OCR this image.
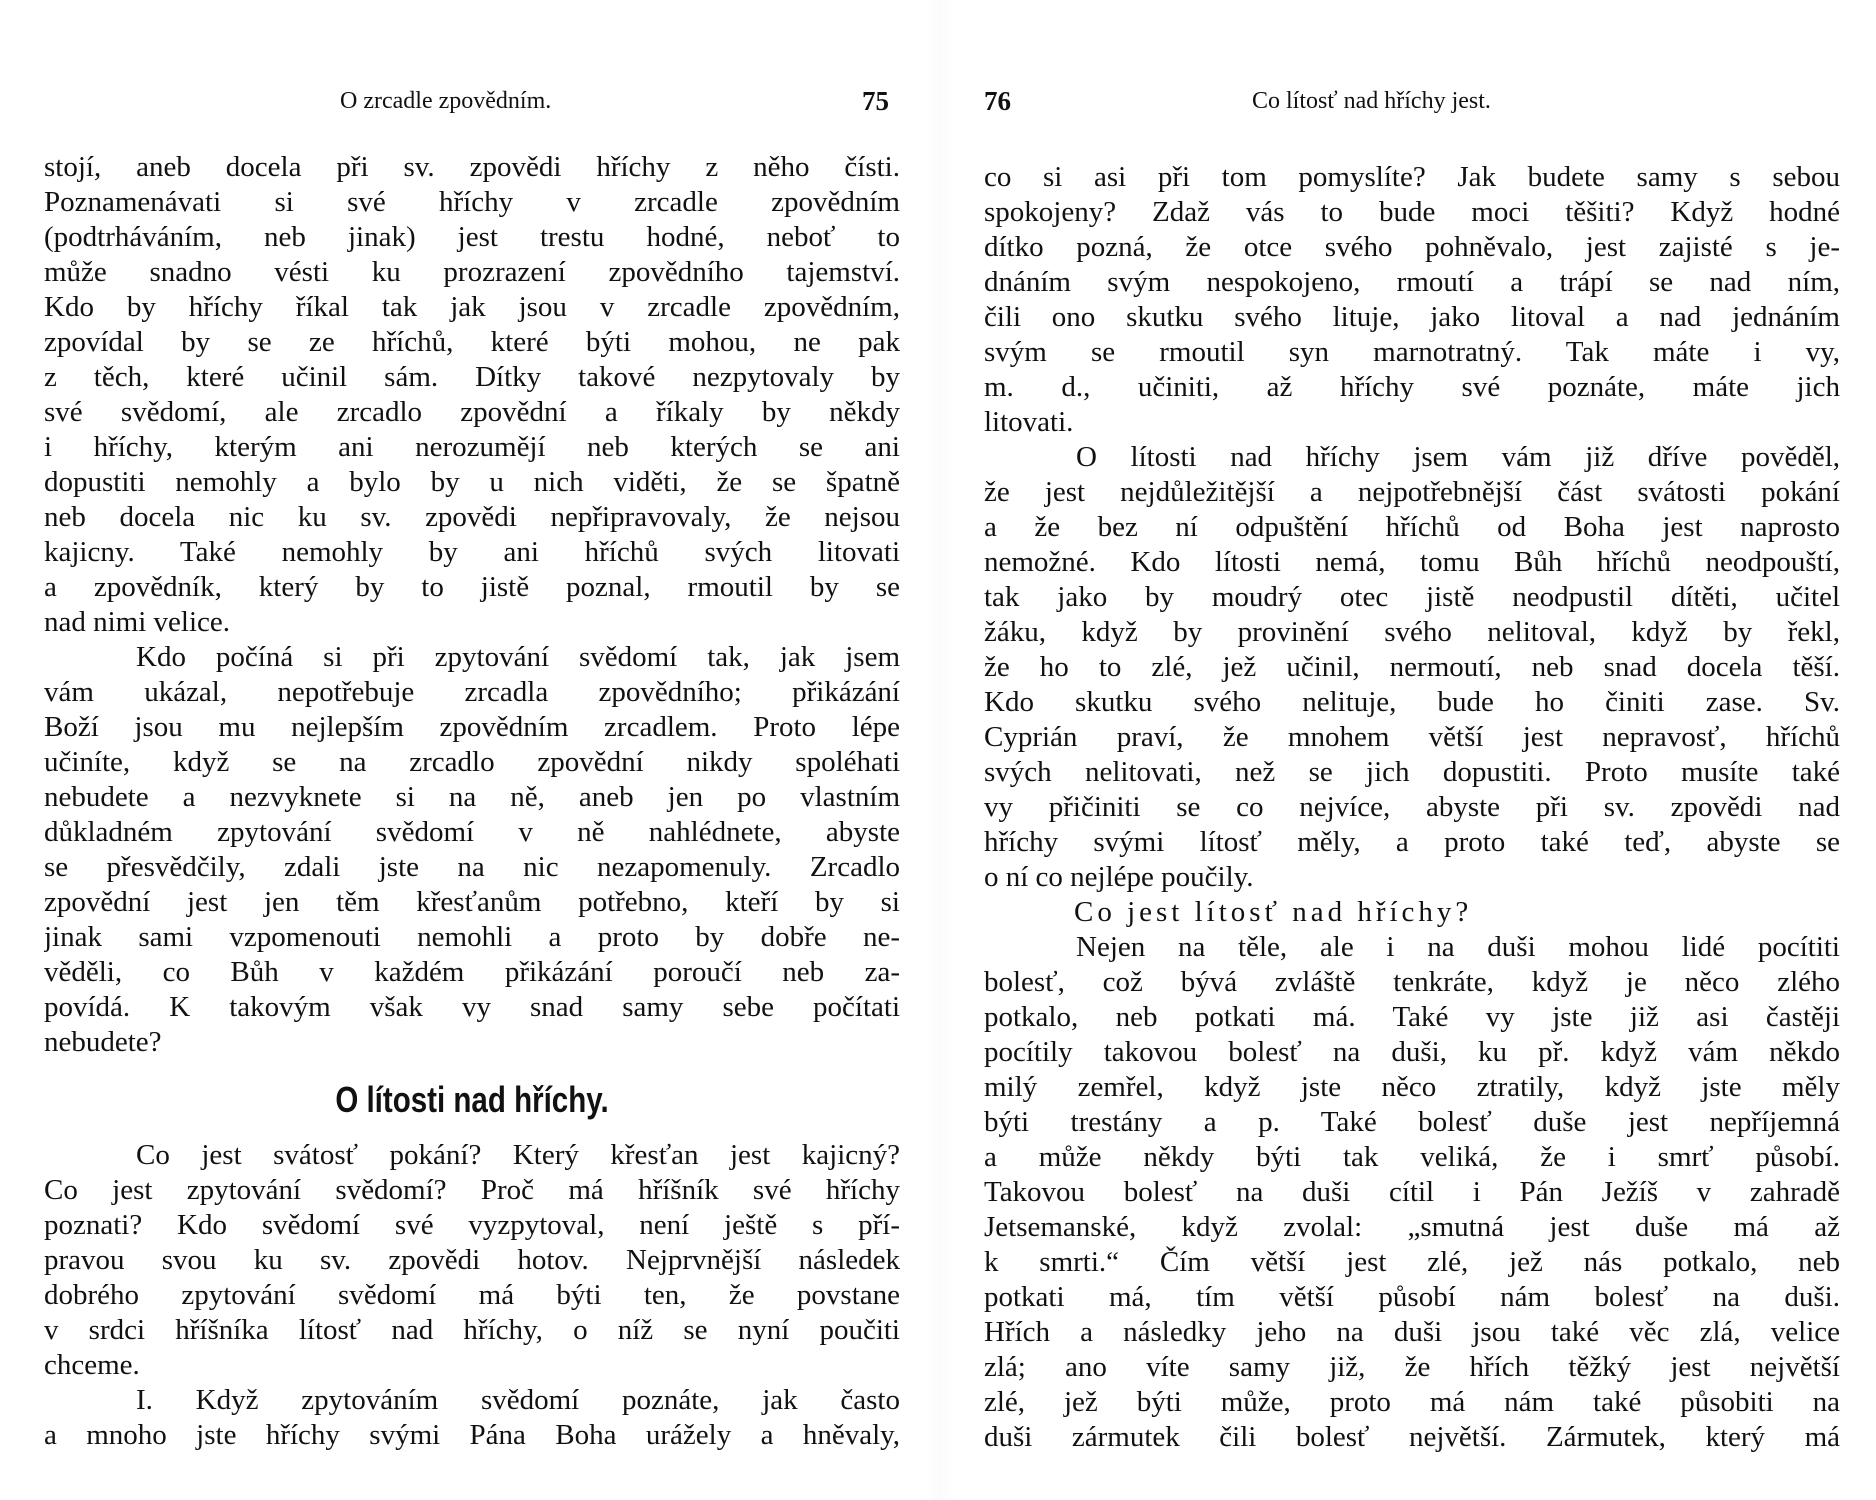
O zrcadle zpovědním.	75
stojí, aneb docela při sv. zpovědi hříchy z něho čísti.
Poznamenávati si své hříchy v zrcadle zpovědním
(podtrháváním, neb jinak) jest trestu hodné, neboť to
může snadno vésti ku prozrazení zpovědního tajemství.
Kdo by hříchy říkal tak jak jsou v zrcadle zpovědním,
zpovídal by se ze hříchů, které býti mohou, ne pak
z těch, které učinil sám. Dítky takové nezpytovaly by
své svědomí, ale zrcadlo zpovědní a říkaly by někdy
i hříchy, kterým ani nerozumějí neb kterých se ani
dopustiti nemohly a bylo by u nich viděti, že se špatně
neb docela nic ku sv. zpovědi nepřipravovaly, že nejsou
kajicny. Také nemohly by ani hříchů svých litovati
a zpovědník, který by to jistě poznal, rmoutil by se
nad nimi velice.
Kdo počíná si při zpytování svědomí tak, jak jsem
vám ukázal, nepotřebuje zrcadla zpovědního; přikázání
Boží jsou mu nejlepším zpovědním zrcadlem. Proto lépe
učiníte, když se na zrcadlo zpovědní nikdy spoléhati
nebudete a nezvyknete si na ně, aneb jen po vlastním
důkladném zpytování svědomí v ně nahlédnete, abyste
se přesvědčily, zdali jste na nic nezapomenuly. Zrcadlo
zpovědní jest jen těm křesťanům potřebno, kteří by si
jinak sami vzpomenouti nemohli a proto by dobře ne-
věděli, co Bůh v každém přikázání poroučí neb za-
povídá. K takovým však vy snad samy sebe počítati
nebudete?
O lítosti nad hříchy.
Co jest svátosť pokání? Který křesťan jest kajicný?
Co jest zpytování svědomí? Proč má hříšník své hříchy
poznati? Kdo svědomí své vyzpytoval, není ještě s pří-
pravou svou ku sv. zpovědi hotov. Nejprvnější následek
dobrého zpytování svědomí má býti ten, že povstane
v srdci hříšníka lítosť nad hříchy, o níž se nyní poučiti
chceme.
I. Když zpytováním svědomí poznáte, jak často
a mnoho jste hříchy svými Pána Boha urážely a hněvaly,
76	Co lítosť nad hříchy jest.
co si asi při tom pomyslíte? Jak budete samy s sebou
spokojeny? Zdaž vás to bude moci těšiti? Když hodné
dítko pozná, že otce svého pohněvalo, jest zajisté s je-
dnáním svým nespokojeno, rmoutí a trápí se nad ním,
čili ono skutku svého lituje, jako litoval a nad jednáním
svým se rmoutil syn marnotratný. Tak máte i vy,
m. d., učiniti, až hříchy své poznáte, máte jich
litovati.
O lítosti nad hříchy jsem vám již dříve pověděl,
že jest nejdůležitější a nejpotřebnější část svátosti pokání
a že bez ní odpuštění hříchů od Boha jest naprosto
nemožné. Kdo lítosti nemá, tomu Bůh hříchů neodpouští,
tak jako by moudrý otec jistě neodpustil dítěti, učitel
žáku, když by provinění svého nelitoval, když by řekl,
že ho to zlé, jež učinil, nermoutí, neb snad docela těší.
Kdo skutku svého nelituje, bude ho činiti zase. Sv.
Cyprián praví, že mnohem větší jest nepravosť, hříchů
svých nelitovati, než se jich dopustiti. Proto musíte také
vy přičiniti se co nejvíce, abyste při sv. zpovědi nad
hříchy svými lítosť měly, a proto také teď, abyste se
o ní co nejlépe poučily.
Co jest lítosť nad hříchy?
Nejen na těle, ale i na duši mohou lidé pocítiti
bolesť, což bývá zvláště tenkráte, když je něco zlého
potkalo, neb potkati má. Také vy jste již asi častěji
pocítily takovou bolesť na duši, ku př. když vám někdo
milý zemřel, když jste něco ztratily, když jste měly
býti trestány a p. Také bolesť duše jest nepříjemná
a může někdy býti tak veliká, že i smrť působí.
Takovou bolesť na duši cítil i Pán Ježíš v zahradě
Jetsemanské, když zvolal: „smutná jest duše má až
k smrti.“ Čím větší jest zlé, jež nás potkalo, neb
potkati má, tím větší působí nám bolesť na duši.
Hřích a následky jeho na duši jsou také věc zlá, velice
zlá; ano víte samy již, že hřích těžký jest největší
zlé, jež býti může, proto má nám také působiti na
duši zármutek čili bolesť největší. Zármutek, který má
